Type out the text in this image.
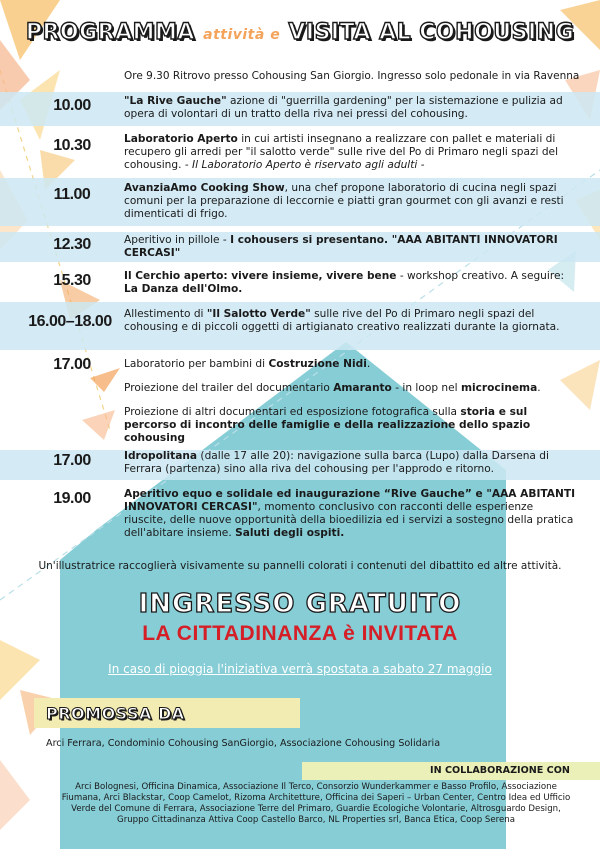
PROGRAMMA attività e VISITA AL COHOUSING
Ore 9.30 Ritrovo presso Cohousing San Giorgio. Ingresso solo pedonale in via Ravenna
10.00	"La Rive Gauche" azione di "guerrilla gardening" per la sistemazione e pulizia ad opera di volontari di un tratto della riva nei pressi del cohousing.
10.30	Laboratorio Aperto in cui artisti insegnano a realizzare con pallet e materiali di recupero gli arredi per "il salotto verde" sulle rive del Po di Primaro negli spazi del cohousing. - Il Laboratorio Aperto è riservato agli adulti -
11.00	AvanziaAmo Cooking Show, una chef propone laboratorio di cucina negli spazi comuni per la preparazione di leccornie e piatti gran gourmet con gli avanzi e resti dimenticati di frigo.
12.30	Aperitivo in pillole - I cohousers si presentano. "AAA ABITANTI INNOVATORI CERCASI"
15.30	Il Cerchio aperto: vivere insieme, vivere bene - workshop creativo. A seguire: La Danza dell'Olmo.
16.00–18.00	Allestimento di "Il Salotto Verde" sulle rive del Po di Primaro negli spazi del cohousing e di piccoli oggetti di artigianato creativo realizzati durante la giornata.
17.00	Laboratorio per bambini di Costruzione Nidi.
Proiezione del trailer del documentario Amaranto - in loop nel microcinema.
Proiezione di altri documentari ed esposizione fotografica sulla storia e sul percorso di incontro delle famiglie e della realizzazione dello spazio cohousing
17.00	Idropolitana (dalle 17 alle 20): navigazione sulla barca (Lupo) dalla Darsena di Ferrara (partenza) sino alla riva del cohousing per l'approdo e ritorno.
19.00	Aperitivo equo e solidale ed inaugurazione “Rive Gauche” e "AAA ABITANTI INNOVATORI CERCASI", momento conclusivo con racconti delle esperienze riuscite, delle nuove opportunità della bioedilizia ed i servizi a sostegno della pratica dell'abitare insieme. Saluti degli ospiti.
Un'illustratrice raccoglierà visivamente su pannelli colorati i contenuti del dibattito ed altre attività.
INGRESSO GRATUITO
LA CITTADINANZA è INVITATA
In caso di pioggia l'iniziativa verrà spostata a sabato 27 maggio
PROMOSSA DA
Arci Ferrara, Condominio Cohousing SanGiorgio, Associazione Cohousing Solidaria
IN COLLABORAZIONE CON
Arci Bolognesi, Officina Dinamica, Associazione Il Terco, Consorzio Wunderkammer e Basso Profilo, Associazione Fiumana, Arci Blackstar, Coop Camelot, Rizoma Architetture, Officina dei Saperi – Urban Center, Centro Idea ed Ufficio Verde del Comune di Ferrara, Associazione Terre del Primaro, Guardie Ecologiche Volontarie, Altrosguardo Design, Gruppo Cittadinanza Attiva Coop Castello Barco, NL Properties srl, Banca Etica, Coop Serena
